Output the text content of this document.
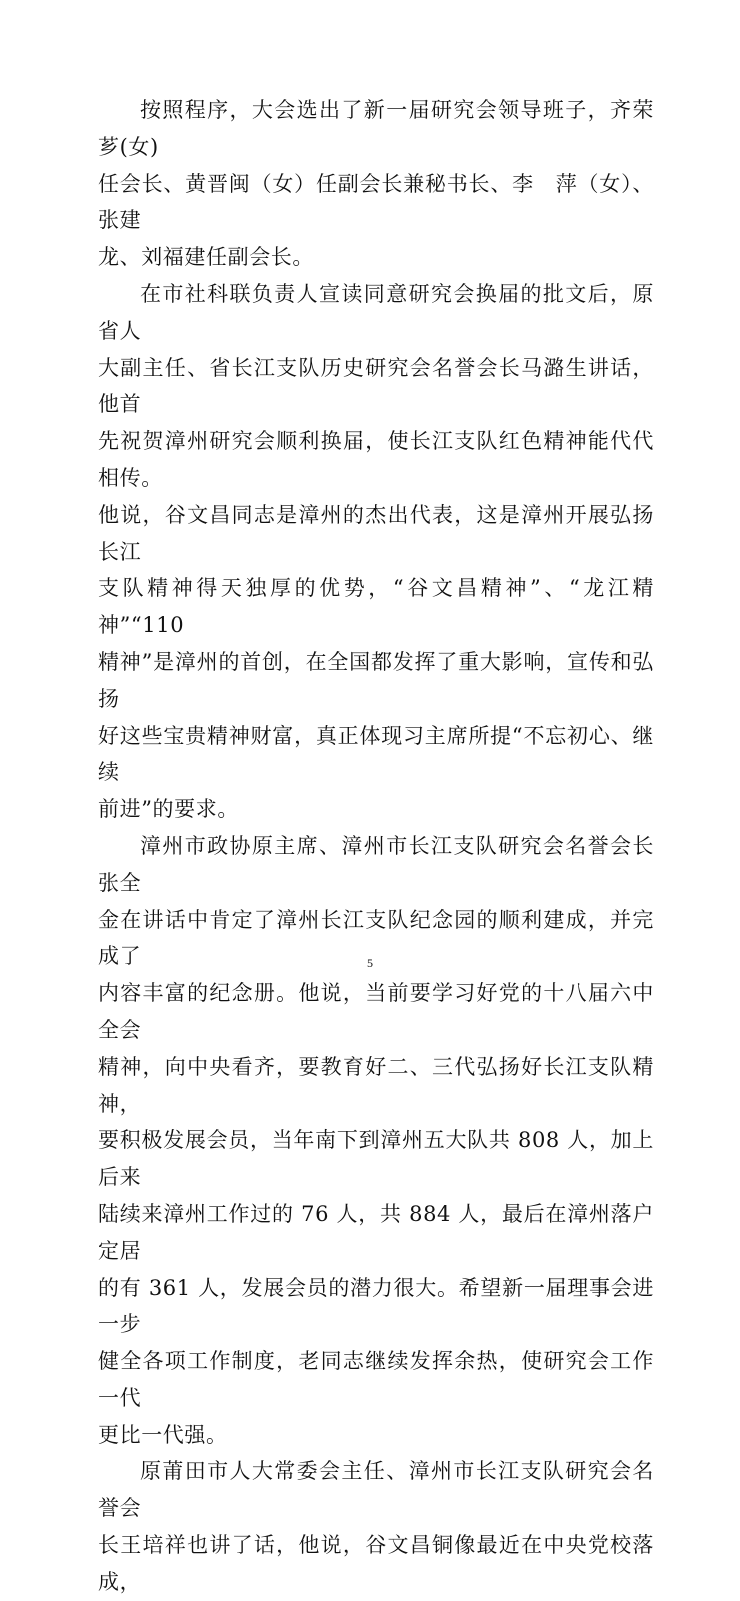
按照程序，大会选出了新一届研究会领导班子，齐荣芗(女)
任会长、黄晋闽（女）任副会长兼秘书长、李　萍（女）、张建
龙、刘福建任副会长。

在市社科联负责人宣读同意研究会换届的批文后，原省人
大副主任、省长江支队历史研究会名誉会长马潞生讲话，他首
先祝贺漳州研究会顺利换届，使长江支队红色精神能代代相传。
他说，谷文昌同志是漳州的杰出代表，这是漳州开展弘扬长江
支队精神得天独厚的优势，“谷文昌精神”、“龙江精神”“110
精神”是漳州的首创，在全国都发挥了重大影响，宣传和弘扬
好这些宝贵精神财富，真正体现习主席所提“不忘初心、继续
前进”的要求。

漳州市政协原主席、漳州市长江支队研究会名誉会长张全
金在讲话中肯定了漳州长江支队纪念园的顺利建成，并完成了
内容丰富的纪念册。他说，当前要学习好党的十八届六中全会
精神，向中央看齐，要教育好二、三代弘扬好长江支队精神，
要积极发展会员，当年南下到漳州五大队共 808 人，加上后来
陆续来漳州工作过的 76 人，共 884 人，最后在漳州落户定居
的有 361 人，发展会员的潜力很大。希望新一届理事会进一步
健全各项工作制度，老同志继续发挥余热，使研究会工作一代
更比一代强。

原莆田市人大常委会主任、漳州市长江支队研究会名誉会
长王培祥也讲了话，他说，谷文昌铜像最近在中央党校落成，

5
